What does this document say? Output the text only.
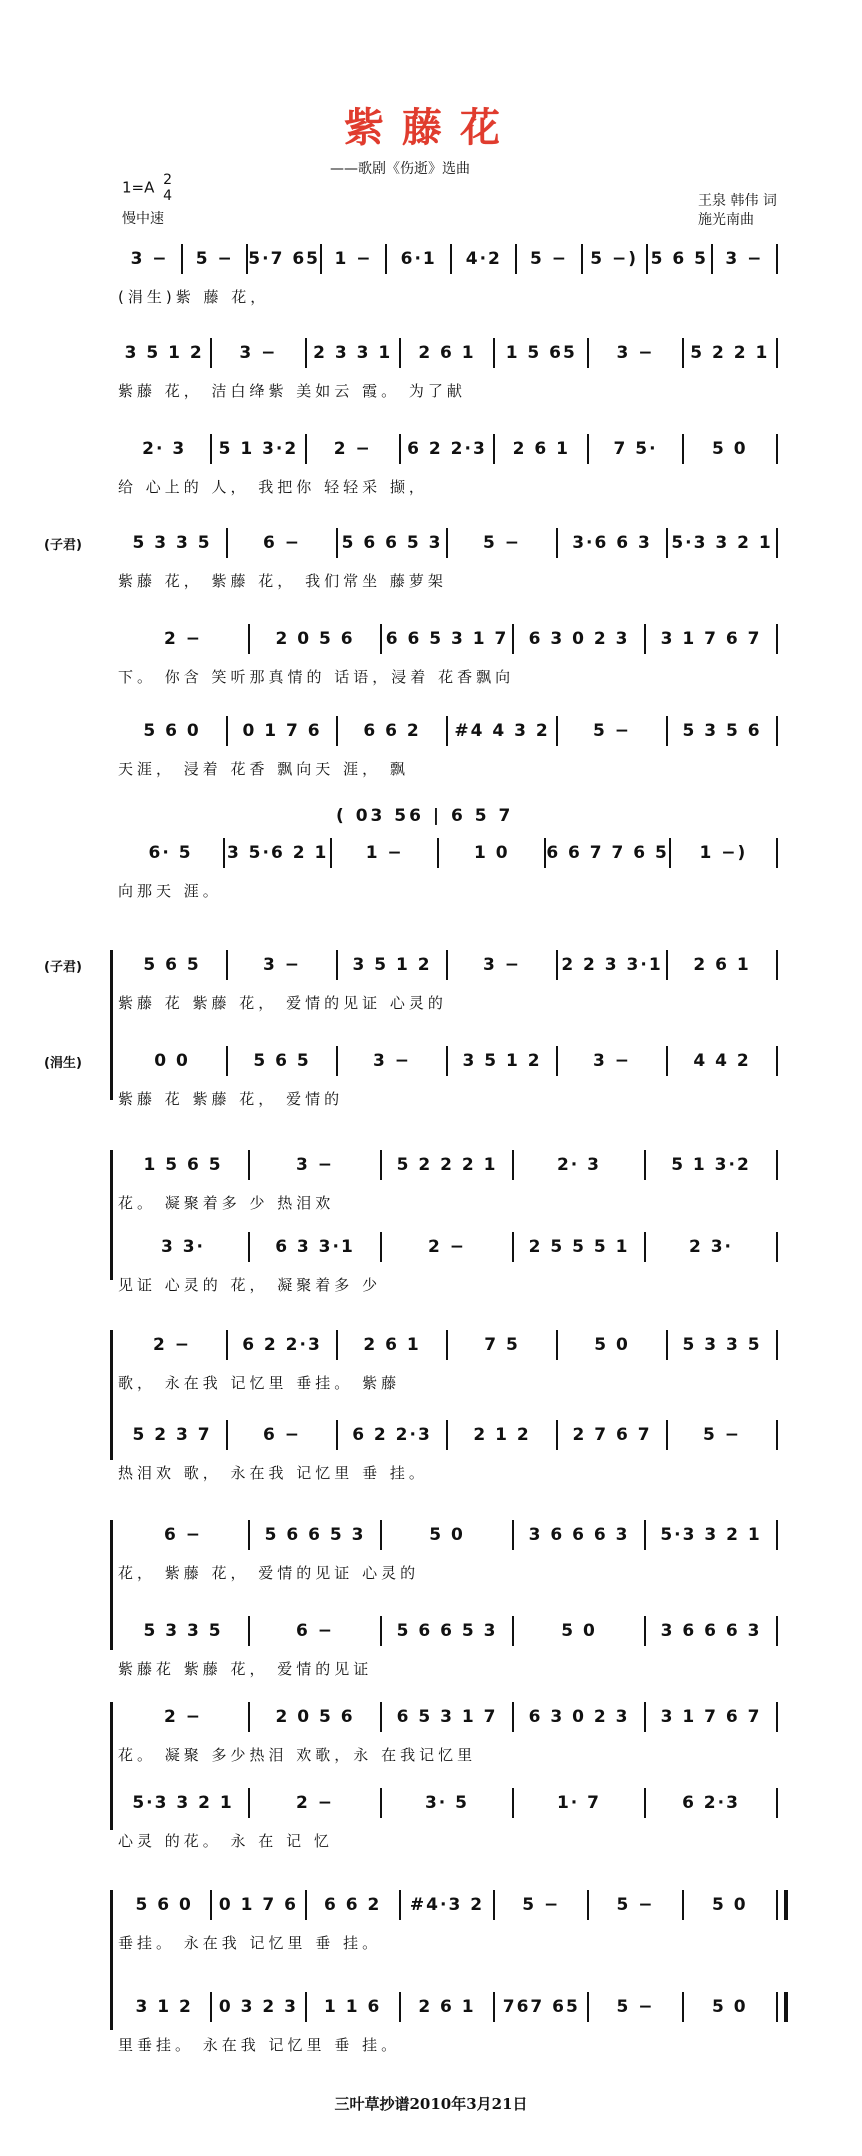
紫藤花
——歌剧《伤逝》选曲
1=A 2
4
慢中速
王泉 韩伟 词
施光南曲
( 03 56 | 6 5 7
3 −	5 − 5·7 65 1 −	6·1	4·2	5 −	5 −) 5 6 5	3 −
(涓生)紫 藤 花，
3 5 1 2	3 −	2 3 3 1	2 6 1	1 5 65	3 −	5 2 2 1
紫藤 花， 洁白绛紫 美如云 霞。 为了献
2· 3	5 1 3·2	2 −	6 2 2·3	2 6 1	7 5·	5 0
给 心上的 人， 我把你 轻轻采 撷，
5 3 3 5	6 −	5 6 6 5 3	5 −	3·6 6 3	5·3 3 2 1
紫藤 花， 紫藤 花， 我们常坐 藤萝架
(子君)
2 −	2 0 5 6	6 6 5 3 1 7	6 3 0 2 3	3 1 7 6 7
下。 你含 笑听那真情的 话语，浸着 花香飘向
5 6 0	0 1 7 6	6 6 2	#4 4 3 2	5 −	5 3 5 6
天涯， 浸着 花香 飘向天 涯， 飘
6· 5	3 5·6 2 1	1 −	1 0	6 6 7 7 6 5	1 −)
向那天 涯。
5 6 5	3 −	3 5 1 2	3 −	2 2 3 3·1	2 6 1
紫藤 花 紫藤 花， 爱情的见证 心灵的
(子君)
0 0	5 6 5	3 −	3 5 1 2	3 −	4 4 2
紫藤 花 紫藤 花， 爱情的
(涓生)
1 5 6 5	3 −	5 2 2 2 1	2· 3	5 1 3·2
花。 凝聚着多 少 热泪欢
3 3·	6 3 3·1	2 −	2 5 5 5 1	2 3·
见证 心灵的 花， 凝聚着多 少
2 −	6 2 2·3	2 6 1	7 5	5 0	5 3 3 5
歌， 永在我 记忆里 垂挂。 紫藤
5 2 3 7	6 −	6 2 2·3	2 1 2	2 7 6 7	5 −
热泪欢 歌， 永在我 记忆里 垂 挂。
6 −	5 6 6 5 3	5 0	3 6 6 6 3	5·3 3 2 1
花， 紫藤 花， 爱情的见证 心灵的
5 3 3 5	6 −	5 6 6 5 3	5 0	3 6 6 6 3
紫藤花 紫藤 花， 爱情的见证
2 −	2 0 5 6	6 5 3 1 7	6 3 0 2 3	3 1 7 6 7
花。 凝聚 多少热泪 欢歌，永 在我记忆里
5·3 3 2 1	2 −	3· 5	1· 7	6 2·3
心灵 的花。 永 在 记 忆
5 6 0	0 1 7 6	6 6 2	#4·3 2	5 −	5 −	5 0
垂挂。 永在我 记忆里 垂 挂。
3 1 2	0 3 2 3	1 1 6	2 6 1	767 65	5 −	5 0
里垂挂。 永在我 记忆里 垂 挂。
三叶草抄谱2010年3月21日
